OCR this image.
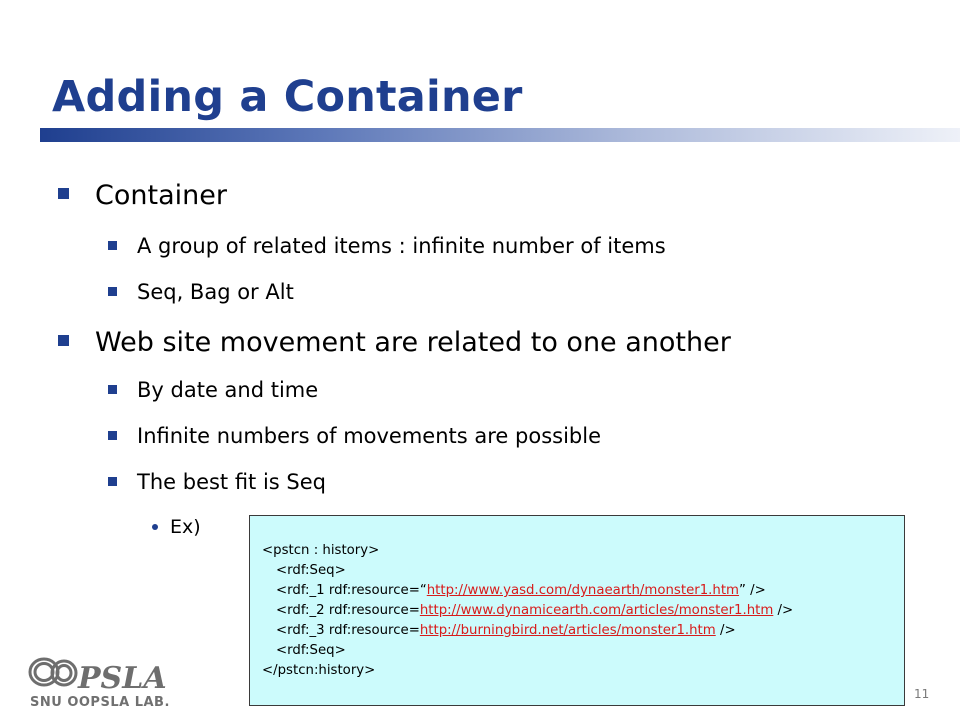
Adding a Container
Container
A group of related items : infinite number of items
Seq, Bag or Alt
Web site movement are related to one another
By date and time
Infinite numbers of movements are possible
The best fit is Seq
Ex)
<pstcn : history>
<rdf:Seq>
<rdf:_1 rdf:resource=“http://www.yasd.com/dynaearth/monster1.htm” />
<rdf:_2 rdf:resource=http://www.dynamicearth.com/articles/monster1.htm />
<rdf:_3 rdf:resource=http://burningbird.net/articles/monster1.htm />
<rdf:Seq>
</pstcn:history>
PSLA
SNU OOPSLA LAB.
11
